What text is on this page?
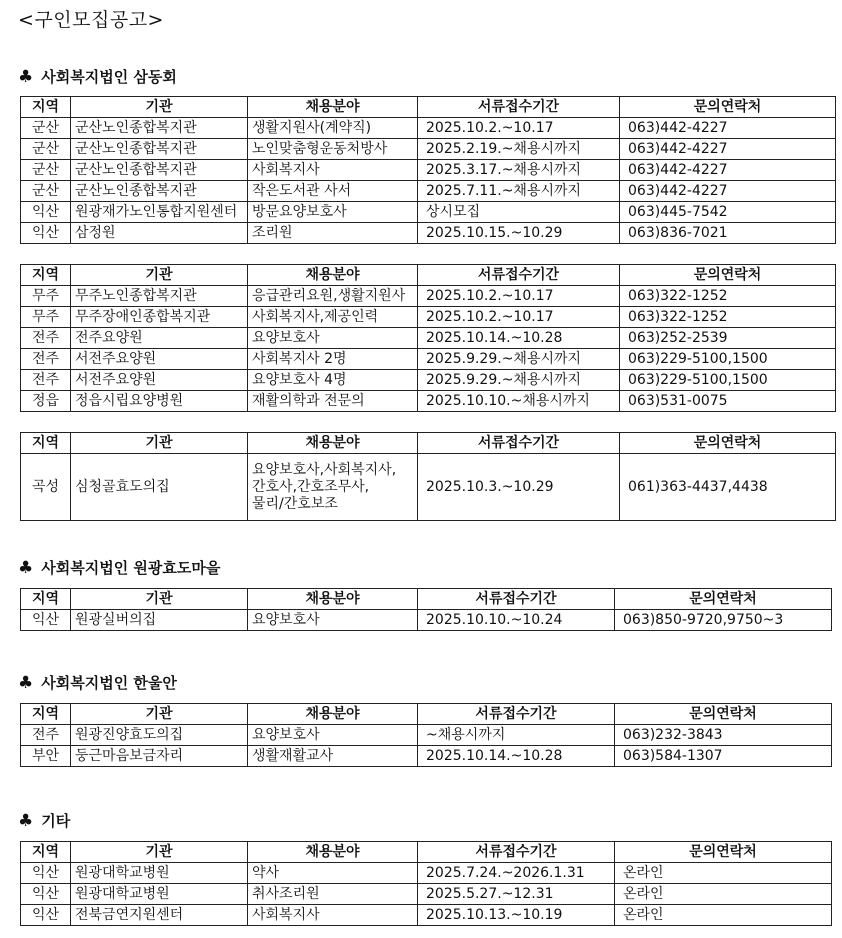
<구인모집공고>
♣ 사회복지법인 삼동회
지역	기관	채용분야	서류접수기간	문의연락처
군산	군산노인종합복지관	생활지원사(계약직)	2025.10.2.~10.17	063)442-4227
군산	군산노인종합복지관	노인맞춤형운동처방사	2025.2.19.~채용시까지	063)442-4227
군산	군산노인종합복지관	사회복지사	2025.3.17.~채용시까지	063)442-4227
군산	군산노인종합복지관	작은도서관 사서	2025.7.11.~채용시까지	063)442-4227
익산	원광재가노인통합지원센터	방문요양보호사	상시모집	063)445-7542
익산	삼정원	조리원	2025.10.15.~10.29	063)836-7021
지역	기관	채용분야	서류접수기간	문의연락처
무주	무주노인종합복지관	응급관리요원,생활지원사	2025.10.2.~10.17	063)322-1252
무주	무주장애인종합복지관	사회복지사,제공인력	2025.10.2.~10.17	063)322-1252
전주	전주요양원	요양보호사	2025.10.14.~10.28	063)252-2539
전주	서전주요양원	사회복지사 2명	2025.9.29.~채용시까지	063)229-5100,1500
전주	서전주요양원	요양보호사 4명	2025.9.29.~채용시까지	063)229-5100,1500
정읍	정읍시립요양병원	재활의학과 전문의	2025.10.10.~채용시까지	063)531-0075
지역	기관	채용분야	서류접수기간	문의연락처
곡성	심청골효도의집	요양보호사,사회복지사,
간호사,간호조무사,
물리/간호보조	2025.10.3.~10.29	061)363-4437,4438
♣ 사회복지법인 원광효도마을
지역	기관	채용분야	서류접수기간	문의연락처
익산	원광실버의집	요양보호사	2025.10.10.~10.24	063)850-9720,9750~3
♣ 사회복지법인 한울안
지역	기관	채용분야	서류접수기간	문의연락처
전주	원광진양효도의집	요양보호사	~채용시까지	063)232-3843
부안	둥근마음보금자리	생활재활교사	2025.10.14.~10.28	063)584-1307
♣ 기타
지역	기관	채용분야	서류접수기간	문의연락처
익산	원광대학교병원	약사	2025.7.24.~2026.1.31	온라인
익산	원광대학교병원	취사조리원	2025.5.27.~12.31	온라인
익산	전북금연지원센터	사회복지사	2025.10.13.~10.19	온라인
